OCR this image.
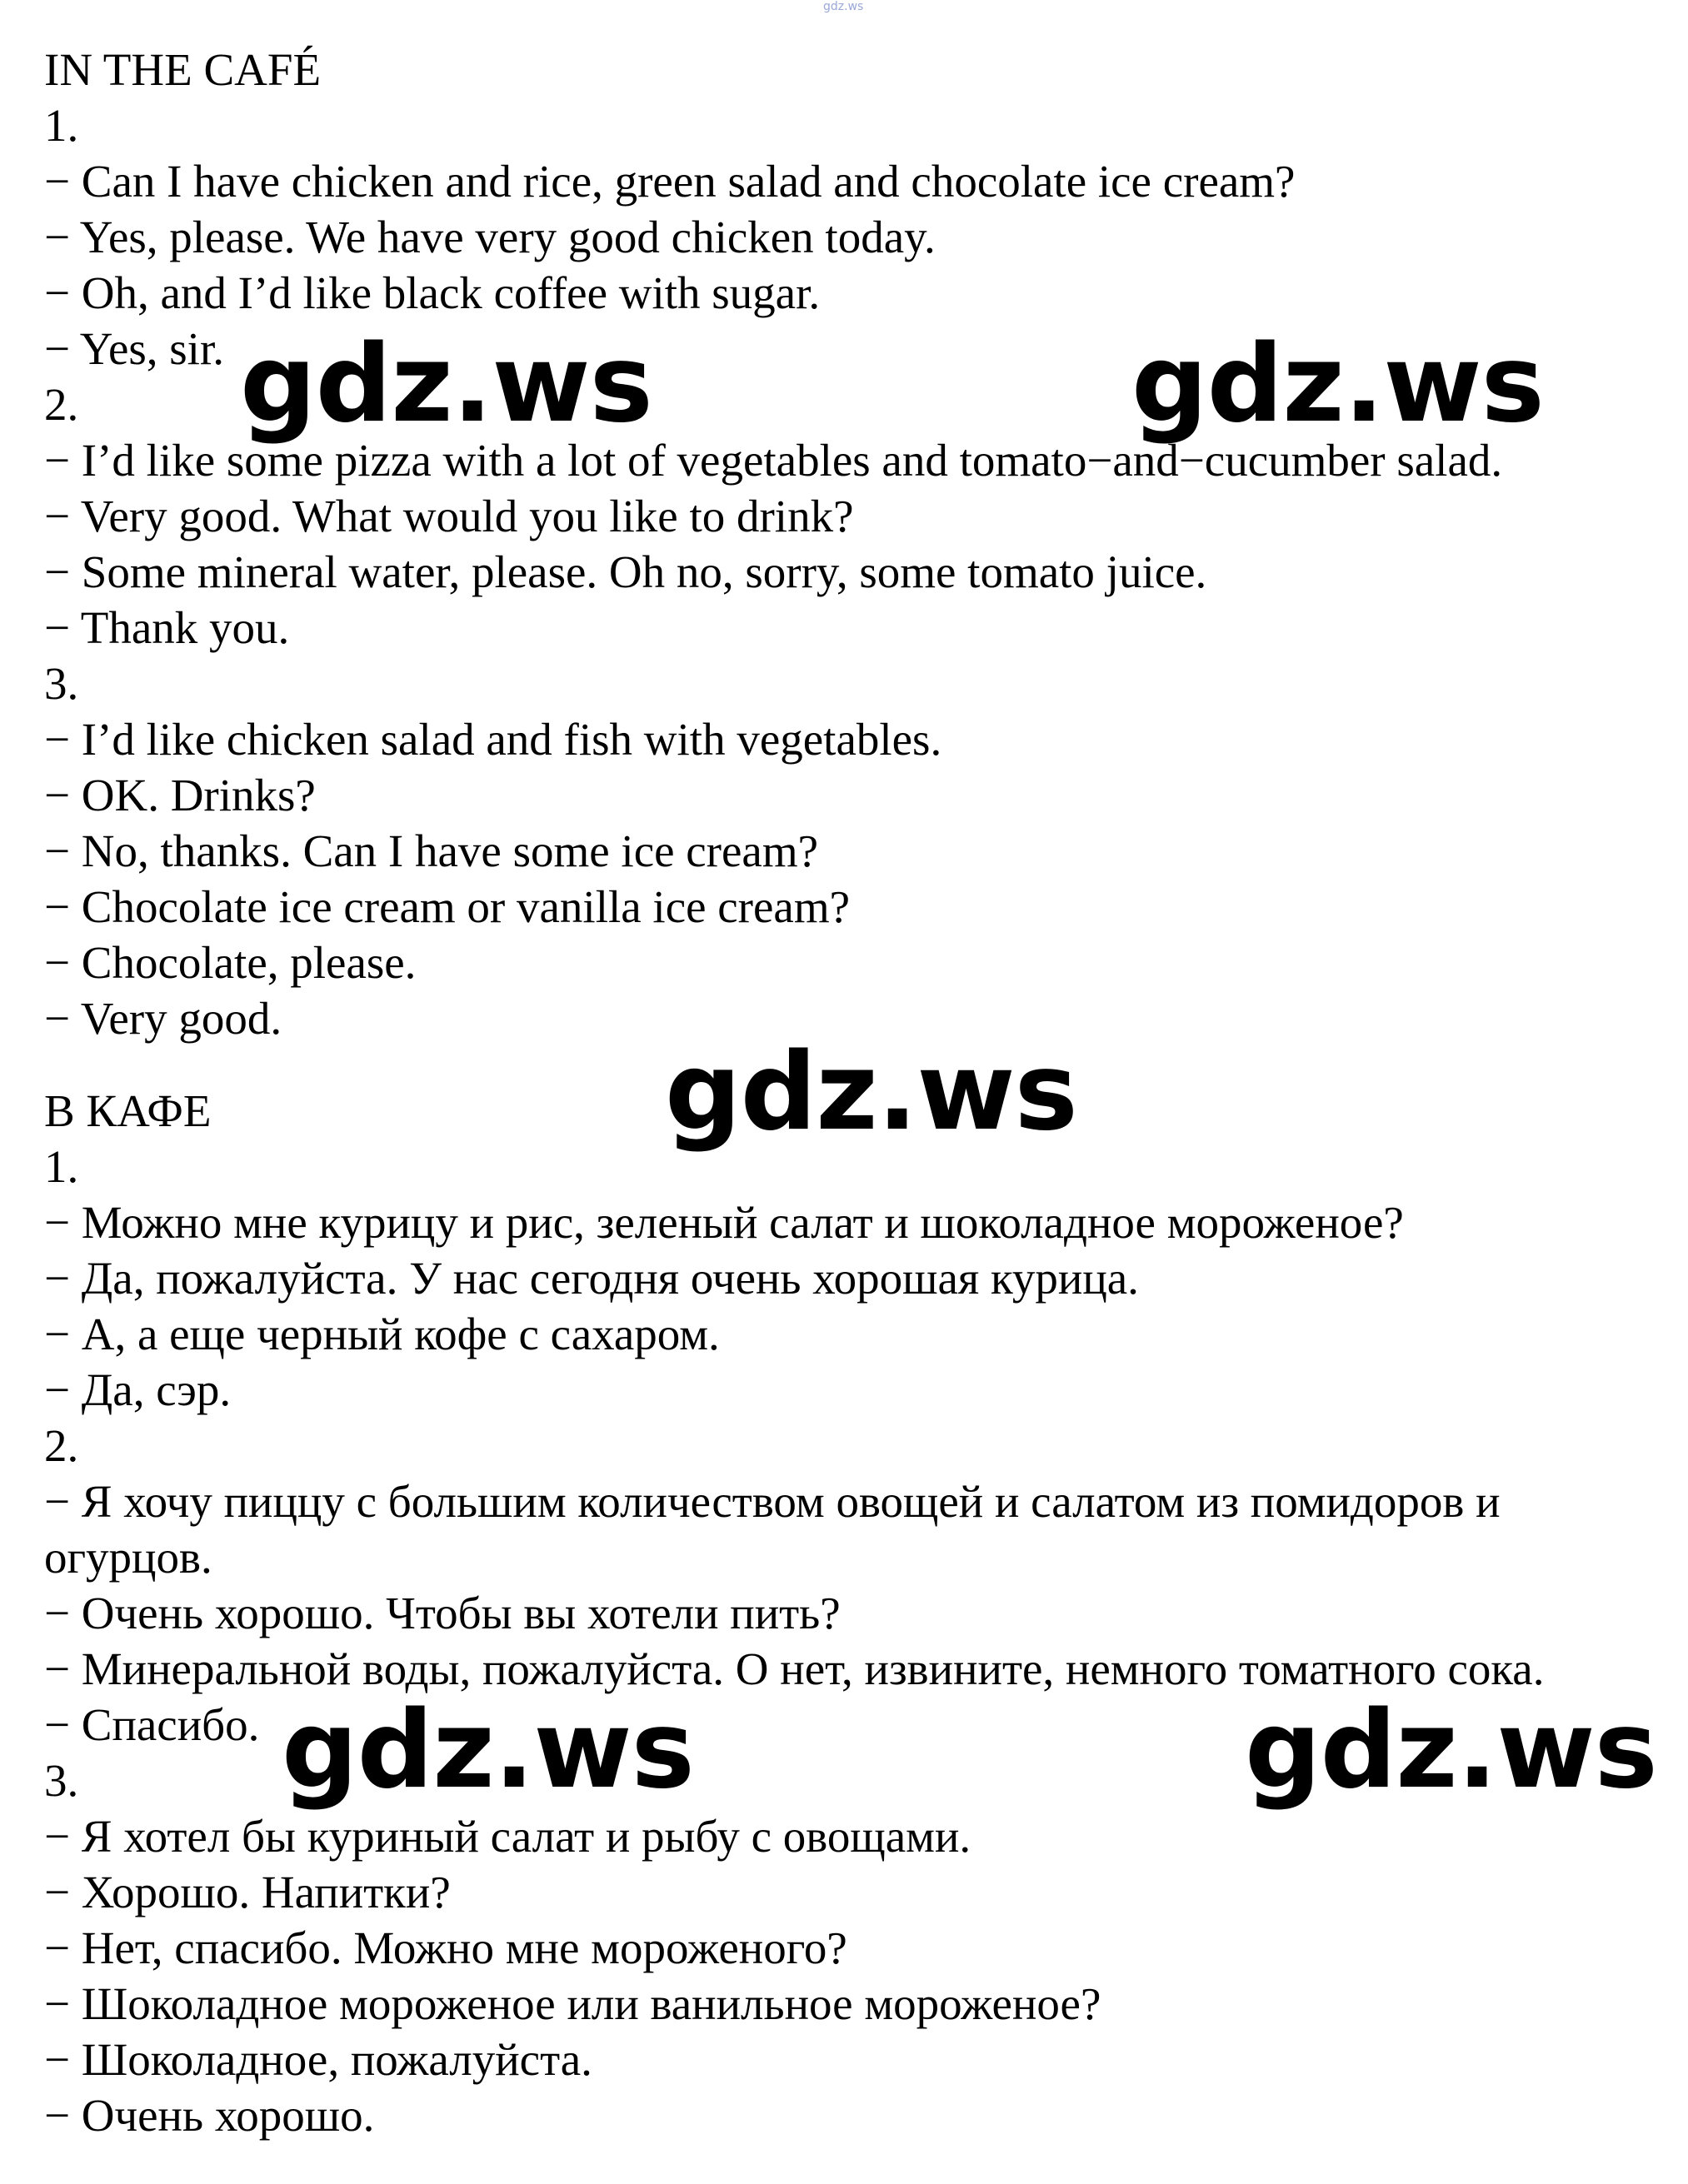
gdz.ws
IN THE CAFÉ
1.
− Can I have chicken and rice, green salad and chocolate ice cream?
− Yes, please. We have very good chicken today.
− Oh, and I’d like black coffee with sugar.
− Yes, sir.
2.
− I’d like some pizza with a lot of vegetables and tomato−and−cucumber salad.
− Very good. What would you like to drink?
− Some mineral water, please. Oh no, sorry, some tomato juice.
− Thank you.
3.
− I’d like chicken salad and fish with vegetables.
− OK. Drinks?
− No, thanks. Can I have some ice cream?
− Chocolate ice cream or vanilla ice cream?
− Chocolate, please.
− Very good.
В КАФЕ
1.
− Можно мне курицу и рис, зеленый салат и шоколадное мороженое?
− Да, пожалуйста. У нас сегодня очень хорошая курица.
− А, а еще черный кофе с сахаром.
− Да, сэр.
2.
− Я хочу пиццу с большим количеством овощей и салатом из помидоров и
огурцов.
− Очень хорошо. Чтобы вы хотели пить?
− Минеральной воды, пожалуйста. О нет, извините, немного томатного сока.
− Спасибо.
3.
− Я хотел бы куриный салат и рыбу с овощами.
− Хорошо. Напитки?
− Нет, спасибо. Можно мне мороженого?
− Шоколадное мороженое или ванильное мороженое?
− Шоколадное, пожалуйста.
− Очень хорошо.
gdz.ws	gdz.ws
gdz.ws
gdz.ws	gdz.ws
